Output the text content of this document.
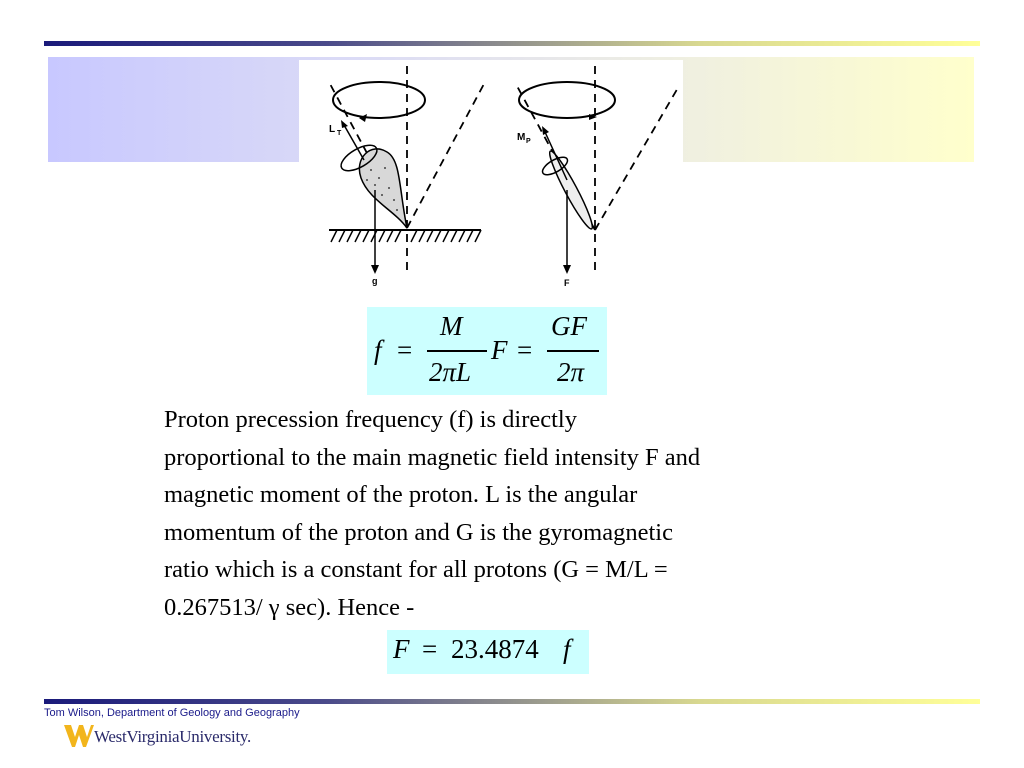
L T
g
M P
F
f =
M
2πL
F =
GF
2π
Proton precession frequency (f) is directly
proportional to the main magnetic field intensity F and
magnetic moment of the proton. L is the angular
momentum of the proton and G is the gyromagnetic
ratio which is a constant for all protons (G = M/L =
0.267513/ γ sec). Hence -
F = 23.4874 f
Tom Wilson, Department of Geology and Geography
WestVirginiaUniversity.
